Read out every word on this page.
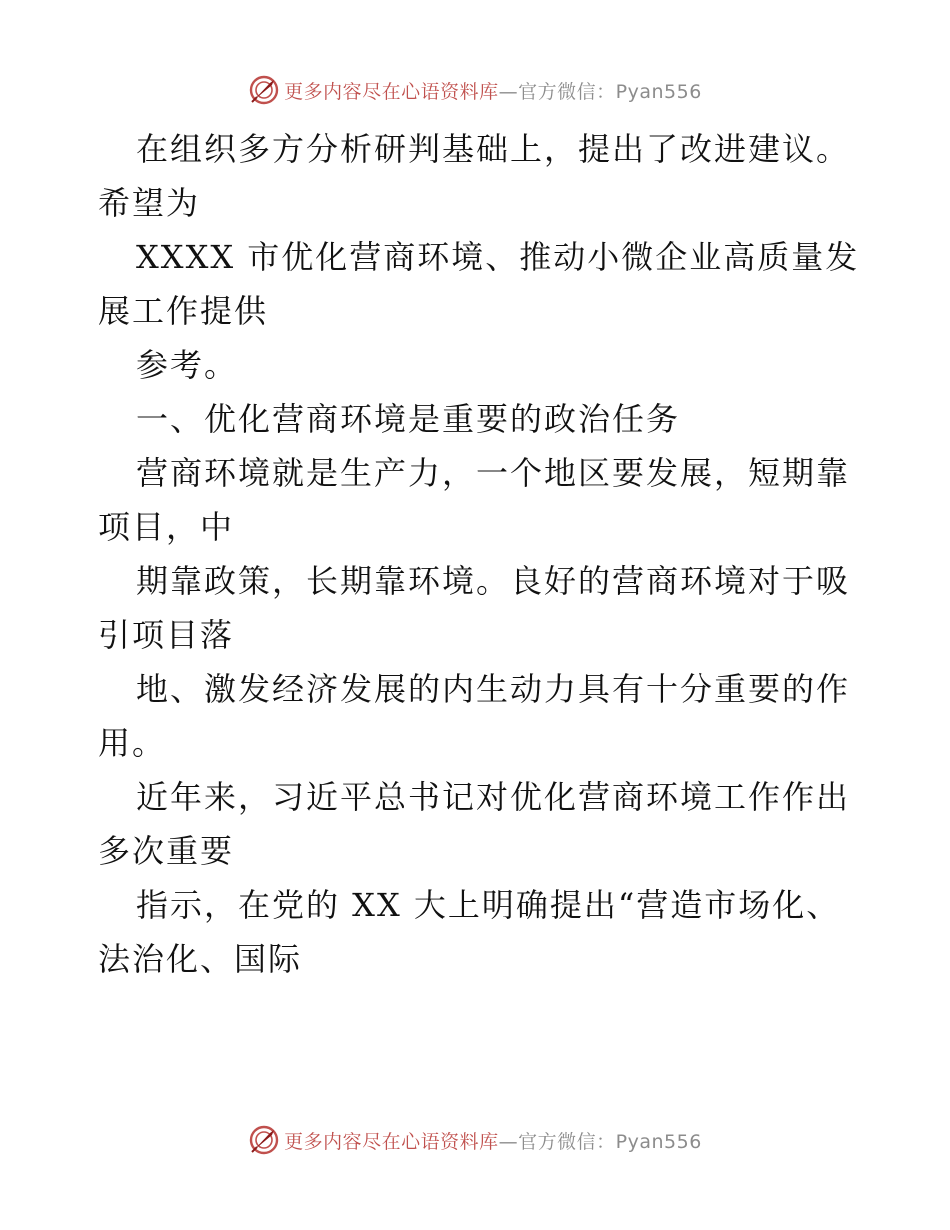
更多内容尽在心语资料库—官方微信：Pyan556
在组织多方分析研判基础上，提出了改进建议。
希望为
XXXX 市优化营商环境、推动小微企业高质量发
展工作提供
参考。
一、优化营商环境是重要的政治任务
营商环境就是生产力，一个地区要发展，短期靠
项目，中
期靠政策，长期靠环境。良好的营商环境对于吸
引项目落
地、激发经济发展的内生动力具有十分重要的作
用。
近年来，习近平总书记对优化营商环境工作作出
多次重要
指示，在党的 XX 大上明确提出“营造市场化、
法治化、国际
更多内容尽在心语资料库—官方微信：Pyan556
